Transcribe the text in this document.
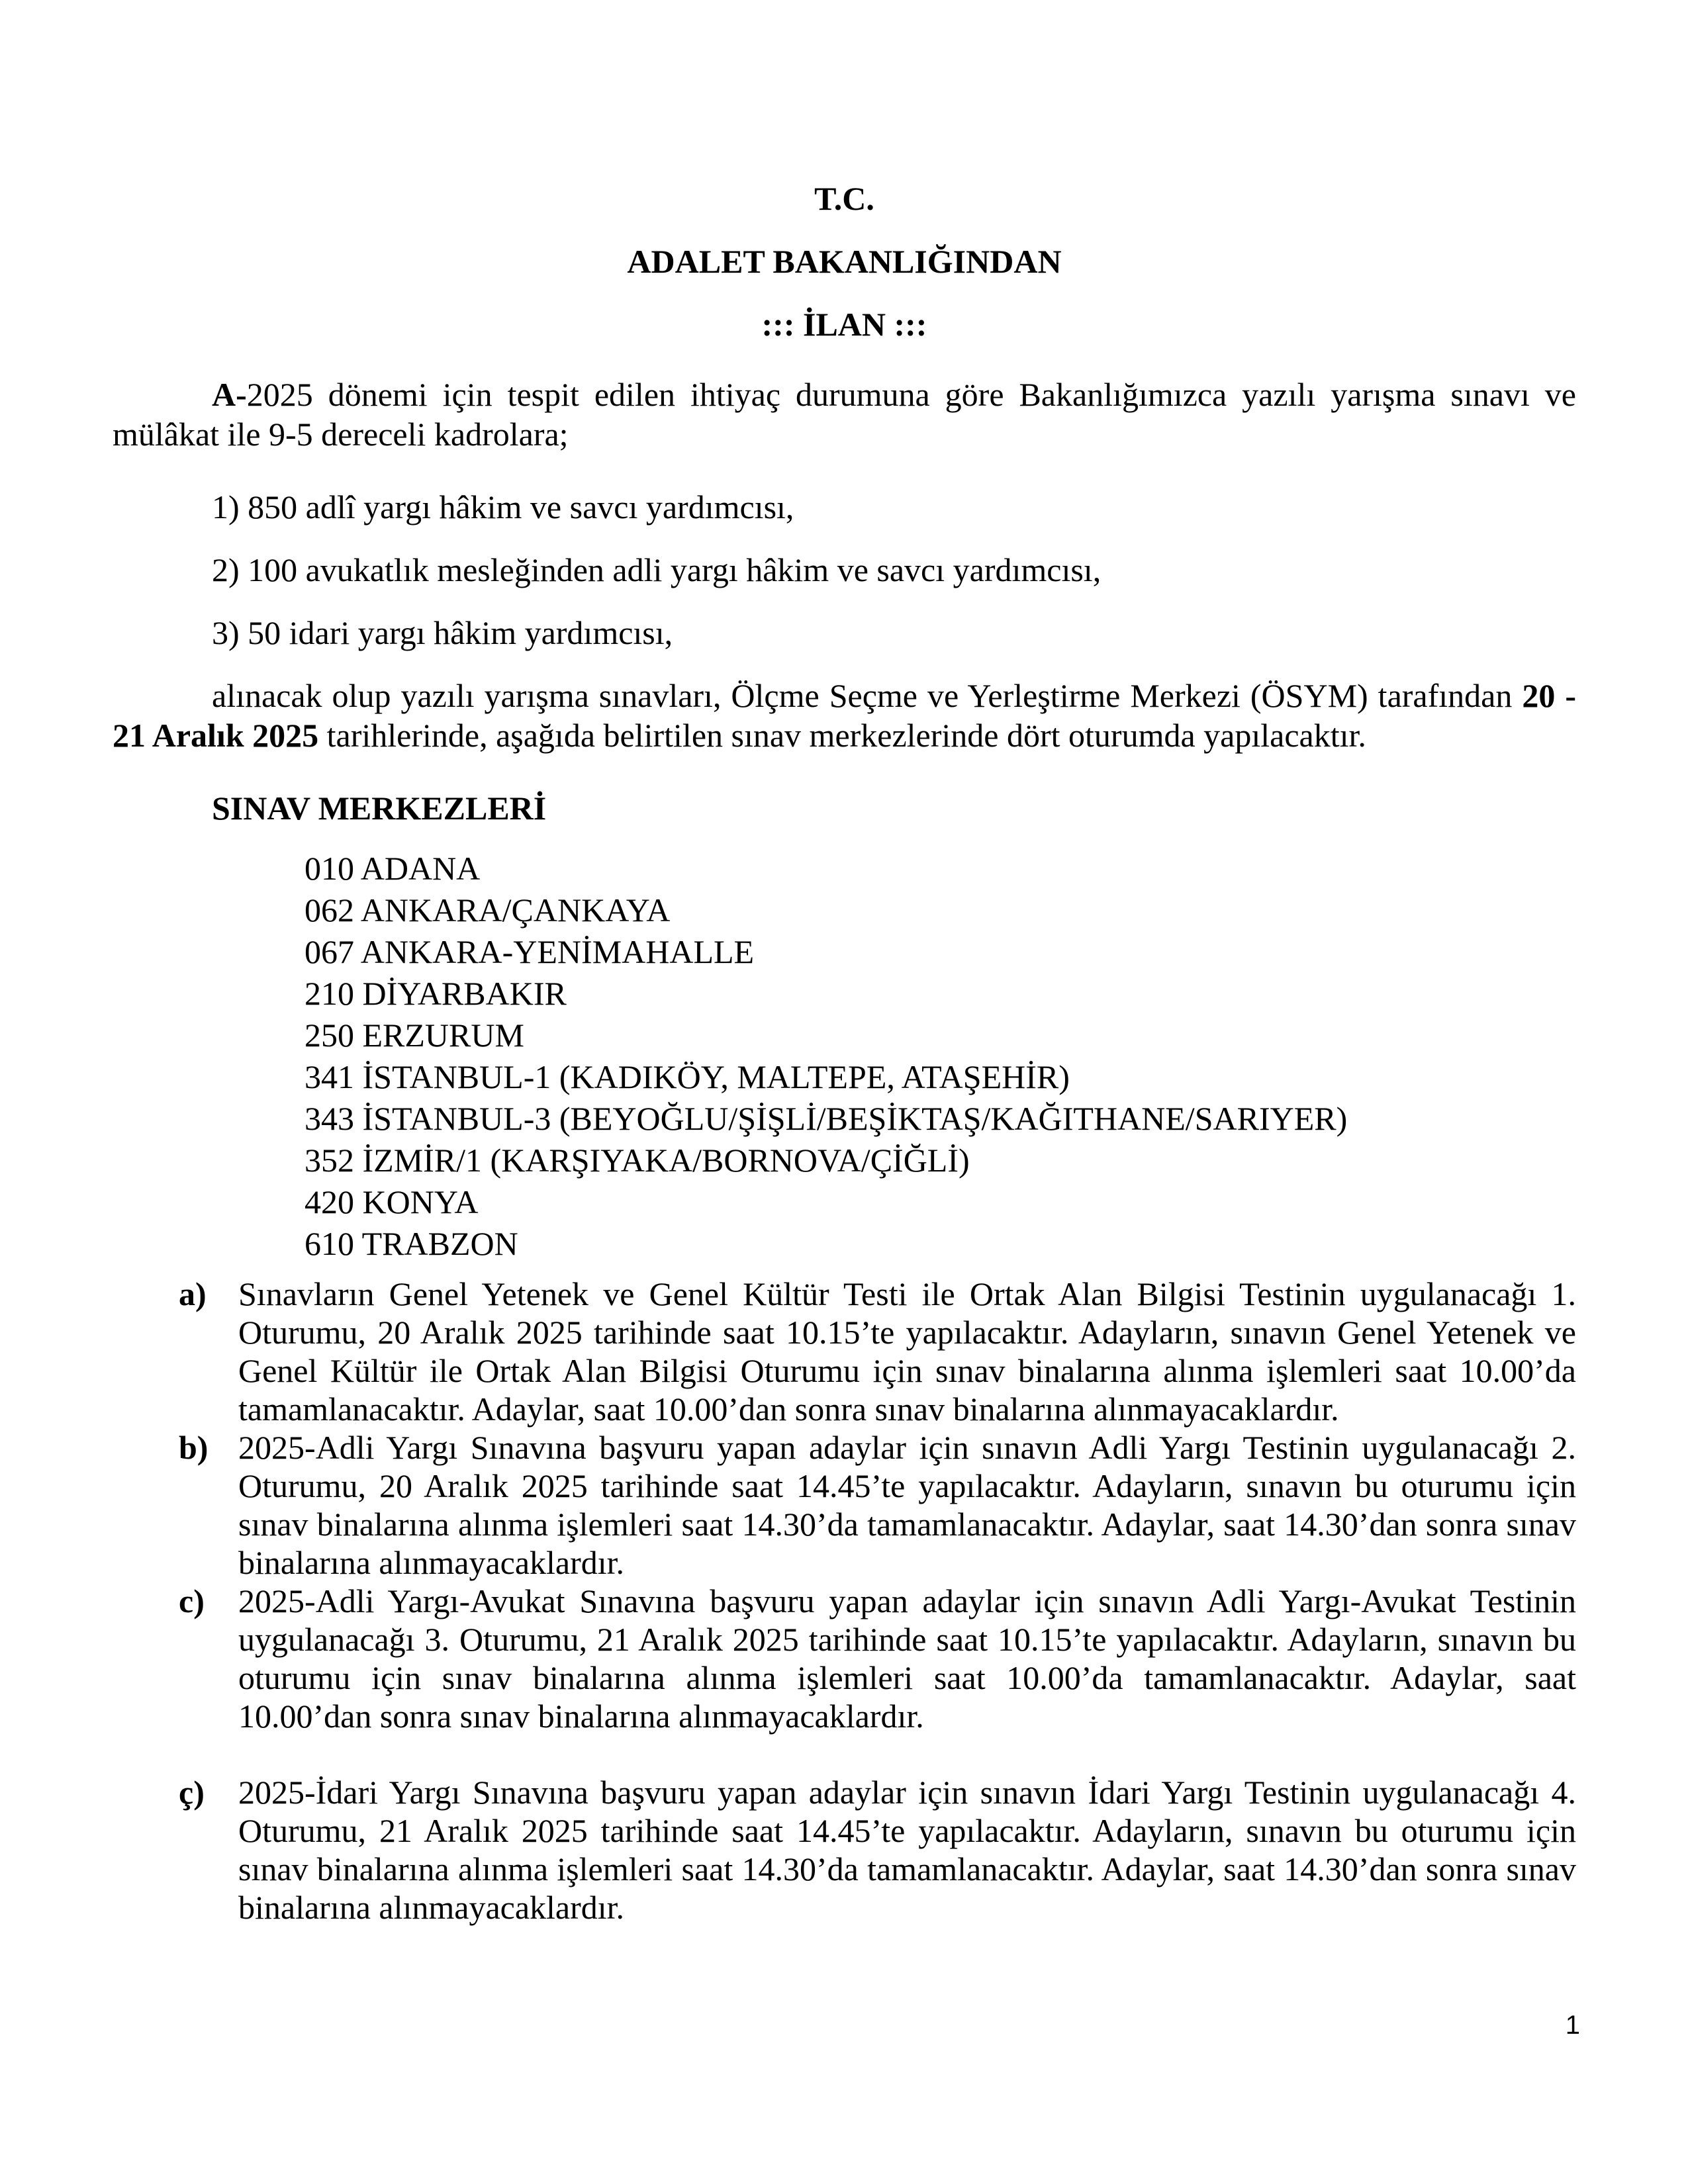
T.C.
ADALET BAKANLIĞINDAN
::: İLAN :::

A-2025 dönemi için tespit edilen ihtiyaç durumuna göre Bakanlığımızca yazılı yarışma sınavı ve mülâkat ile 9-5 dereceli kadrolara;

1) 850 adlî yargı hâkim ve savcı yardımcısı,
2) 100 avukatlık mesleğinden adli yargı hâkim ve savcı yardımcısı,
3) 50 idari yargı hâkim yardımcısı,

alınacak olup yazılı yarışma sınavları, Ölçme Seçme ve Yerleştirme Merkezi (ÖSYM) tarafından 20 - 21 Aralık 2025 tarihlerinde, aşağıda belirtilen sınav merkezlerinde dört oturumda yapılacaktır.

SINAV MERKEZLERİ
010 ADANA
062 ANKARA/ÇANKAYA
067 ANKARA-YENİMAHALLE
210 DİYARBAKIR
250 ERZURUM
341 İSTANBUL-1 (KADIKÖY, MALTEPE, ATAŞEHİR)
343 İSTANBUL-3 (BEYOĞLU/ŞİŞLİ/BEŞİKTAŞ/KAĞITHANE/SARIYER)
352 İZMİR/1 (KARŞIYAKA/BORNOVA/ÇİĞLİ)
420 KONYA
610 TRABZON
a) Sınavların Genel Yetenek ve Genel Kültür Testi ile Ortak Alan Bilgisi Testinin uygulanacağı 1. Oturumu, 20 Aralık 2025 tarihinde saat 10.15’te yapılacaktır. Adayların, sınavın Genel Yetenek ve Genel Kültür ile Ortak Alan Bilgisi Oturumu için sınav binalarına alınma işlemleri saat 10.00’da tamamlanacaktır. Adaylar, saat 10.00’dan sonra sınav binalarına alınmayacaklardır.
b) 2025-Adli Yargı Sınavına başvuru yapan adaylar için sınavın Adli Yargı Testinin uygulanacağı 2. Oturumu, 20 Aralık 2025 tarihinde saat 14.45’te yapılacaktır. Adayların, sınavın bu oturumu için sınav binalarına alınma işlemleri saat 14.30’da tamamlanacaktır. Adaylar, saat 14.30’dan sonra sınav binalarına alınmayacaklardır.
c) 2025-Adli Yargı-Avukat Sınavına başvuru yapan adaylar için sınavın Adli Yargı-Avukat Testinin uygulanacağı 3. Oturumu, 21 Aralık 2025 tarihinde saat 10.15’te yapılacaktır. Adayların, sınavın bu oturumu için sınav binalarına alınma işlemleri saat 10.00’da tamamlanacaktır. Adaylar, saat 10.00’dan sonra sınav binalarına alınmayacaklardır.
ç) 2025-İdari Yargı Sınavına başvuru yapan adaylar için sınavın İdari Yargı Testinin uygulanacağı 4. Oturumu, 21 Aralık 2025 tarihinde saat 14.45’te yapılacaktır. Adayların, sınavın bu oturumu için sınav binalarına alınma işlemleri saat 14.30’da tamamlanacaktır. Adaylar, saat 14.30’dan sonra sınav binalarına alınmayacaklardır.
1
